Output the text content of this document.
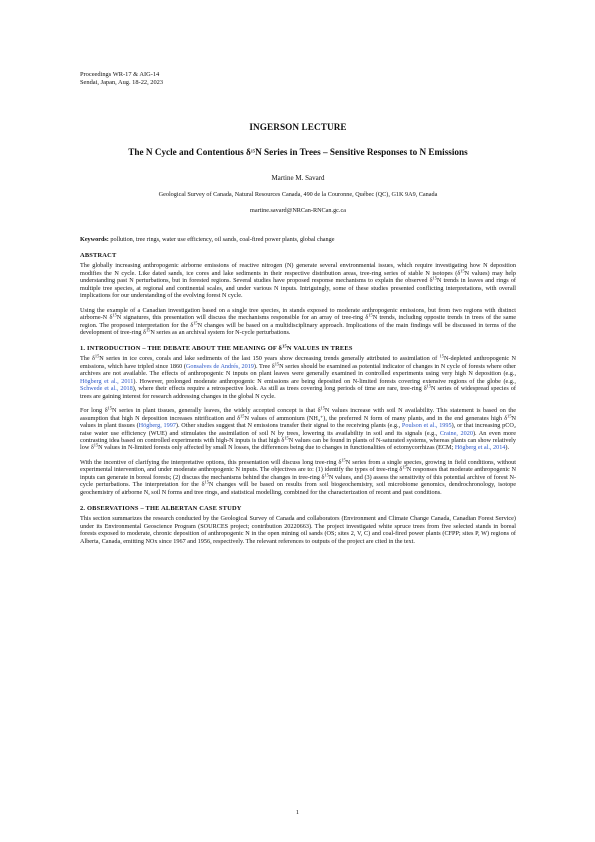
Proceedings WR-17 & AIG-14
Sendai, Japan, Aug. 18-22, 2023
INGERSON LECTURE
The N Cycle and Contentious $\delta^{15}N$ Series in Trees – Sensitive Responses to N Emissions
Martine M. Savard
Geological Survey of Canada, Natural Resources Canada, 490 de la Couronne, Québec (QC), G1K 9A9, Canada
martine.savard@NRCan-RNCan.gc.ca
Keywords: pollution, tree rings, water use efficiency, oil sands, coal-fired power plants, global change
ABSTRACT

The globally increasing anthropogenic airborne emissions of reactive nitrogen (N) generate several environmental issues, which require investigating how N deposition modifies the N cycle. Like dated sands, ice cores and lake sediments in their respective distribution areas, tree-ring series of stable N isotopes ($\delta^{15}N$ values) may help understanding past N perturbations, but in forested regions. Several studies have proposed response mechanisms to explain the observed $\delta^{15}N$ trends in leaves and rings of multiple tree species, at regional and continental scales, and under various N inputs. Intriguingly, some of these studies presented conflicting interpretations, with overall implications for our understanding of the evolving forest N cycle.

Using the example of a Canadian investigation based on a single tree species, in stands exposed to moderate anthropogenic emissions, but from two regions with distinct airborne-N $\delta^{15}N$ signatures, this presentation will discuss the mechanisms responsible for an array of tree-ring $\delta^{15}N$ trends, including opposite trends in trees of the same region. The proposed interpretation for the $\delta^{15}N$ changes will be based on a multidisciplinary approach. Implications of the main findings will be discussed in terms of the development of tree-ring $\delta^{15}N$ series as an archival system for N-cycle perturbations.

1. INTRODUCTION – THE DEBATE ABOUT THE MEANING OF $\delta^{15}N$ VALUES IN TREES

The $\delta^{15}N$ series in ice cores, corals and lake sediments of the last 150 years show decreasing trends generally attributed to assimilation of $^{15}$N-depleted anthropogenic N emissions, which have tripled since 1860 (Gonsalves de Andrés, 2019). Tree $\delta^{15}N$ series should be examined as potential indicator of changes in N cycle of forests where other archives are not available. The effects of anthropogenic N inputs on plant leaves were generally examined in controlled experiments using very high N deposition (e.g., Högberg et al., 2011). However, prolonged moderate anthropogenic N emissions are being deposited on N-limited forests covering extensive regions of the globe (e.g., Schwede et al., 2018), where their effects require a retrospective look. As still as trees covering long periods of time are rare, tree-ring $\delta^{15}N$ series of widespread species of trees are gaining interest for research addressing changes in the global N cycle.

For long $\delta^{15}N$ series in plant tissues, generally leaves, the widely accepted concept is that $\delta^{15}N$ values increase with soil N availability. This statement is based on the assumption that high N deposition increases nitrification and $\delta^{15}N$ values of ammonium (NH₄⁺), the preferred N form of many plants, and in the end generates high $\delta^{15}N$ values in plant tissues (Högberg, 1997). Other studies suggest that N emissions transfer their signal to the receiving plants (e.g., Poulson et al., 1995), or that increasing pCO₂ raise water use efficiency (WUE) and stimulates the assimilation of soil N by trees, lowering its availability in soil and its signals (e.g., Craine, 2020). An even more contrasting idea based on controlled experiments with high-N inputs is that high $\delta^{15}N$ values can be found in plants of N-saturated systems, whereas plants can show relatively low $\delta^{15}N$ values in N-limited forests only affected by small N losses, the differences being due to changes in functionalities of ectomycorrhizas (ECM; Högberg et al., 2014).

With the incentive of clarifying the interpretative options, this presentation will discuss long tree-ring $\delta^{15}N$ series from a single species, growing in field conditions, without experimental intervention, and under moderate anthropogenic N inputs. The objectives are to: (1) identify the types of tree-ring $\delta^{15}N$ responses that moderate anthropogenic N inputs can generate in boreal forests; (2) discuss the mechanisms behind the changes in tree-ring $\delta^{15}N$ values, and (3) assess the sensitivity of this potential archive of forest N-cycle perturbations. The interpretation for the $\delta^{15}N$ changes will be based on results from soil biogeochemistry, soil microbiome genomics, dendrochronology, isotope geochemistry of airborne N, soil N forms and tree rings, and statistical modelling, combined for the characterization of recent and past conditions.

2. OBSERVATIONS – THE ALBERTAN CASE STUDY

This section summarizes the research conducted by the Geological Survey of Canada and collaborators (Environment and Climate Change Canada, Canadian Forest Service) under its Environmental Geoscience Program (SOURCES project; contribution 20220663). The project investigated white spruce trees from five selected stands in boreal forests exposed to moderate, chronic deposition of anthropogenic N in the open mining oil sands (OS; sites 2, V, C) and coal-fired power plants (CFPP; sites P, W) regions of Alberta, Canada, emitting NOx since 1967 and 1956, respectively. The relevant references to outputs of the project are cited in the text.

1
